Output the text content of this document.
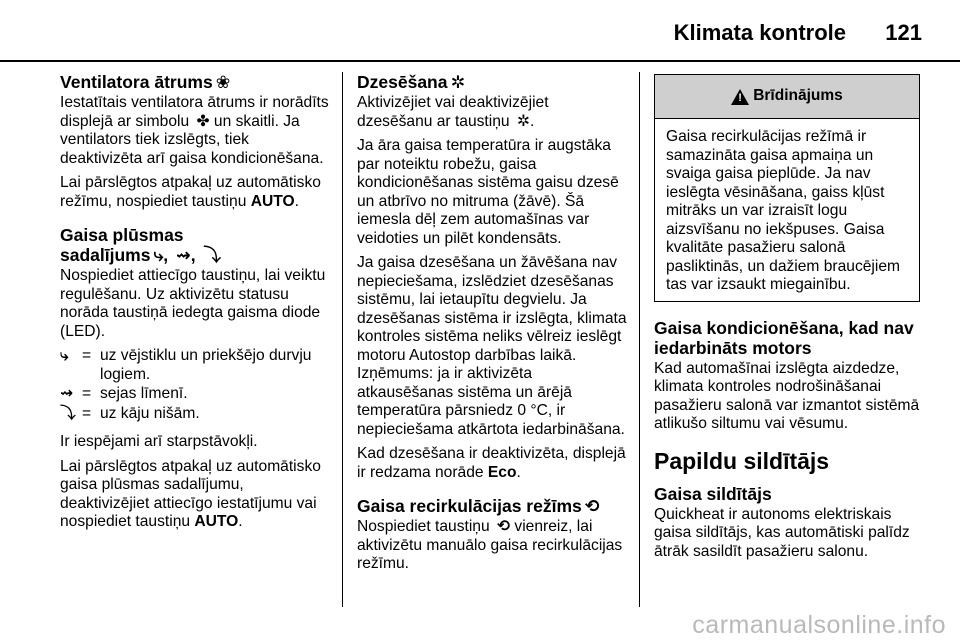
Klimata kontrole 121
Ventilatora ātrums ❀

Iestatītais ventilatora ātrums ir norādīts displejā ar simbolu ✤ un skaitli. Ja ventilators tiek izslēgts, tiek deaktivizēta arī gaisa kondicionēšana.

Lai pārslēgtos atpakaļ uz automātisko režīmu, nospiediet taustiņu AUTO.

Gaisa plūsmas
sadalījums ⤷, ⇝, ⤵

Nospiediet attiecīgo taustiņu, lai veiktu regulēšanu. Uz aktivizētu statusu norāda taustiņā iedegta gaisma diode (LED).

⤷ = uz vējstiklu un priekšējo durvju logiem.
⇝ = sejas līmenī.
⤵ = uz kāju nišām.

Ir iespējami arī starpstāvokļi.

Lai pārslēgtos atpakaļ uz automātisko gaisa plūsmas sadalījumu, deaktivizējiet attiecīgo iestatījumu vai nospiediet taustiņu AUTO.

Dzesēšana ✲

Aktivizējiet vai deaktivizējiet dzesēšanu ar taustiņu ✲.

Ja āra gaisa temperatūra ir augstāka par noteiktu robežu, gaisa kondicionēšanas sistēma gaisu dzesē un atbrīvo no mitruma (žāvē). Šā iemesla dēļ zem automašīnas var veidoties un pilēt kondensāts.

Ja gaisa dzesēšana un žāvēšana nav nepieciešama, izslēdziet dzesēšanas sistēmu, lai ietaupītu degvielu. Ja dzesēšanas sistēma ir izslēgta, klimata kontroles sistēma neliks vēlreiz ieslēgt motoru Autostop darbības laikā. Izņēmums: ja ir aktivizēta atkausēšanas sistēma un ārējā temperatūra pārsniedz 0 °C, ir nepieciešama atkārtota iedarbināšana.

Kad dzesēšana ir deaktivizēta, displejā ir redzama norāde Eco.

Gaisa recirkulācijas režīms ⟲

Nospiediet taustiņu ⟲ vienreiz, lai aktivizētu manuālo gaisa recirkulācijas režīmu.

! Brīdinājums
Gaisa recirkulācijas režīmā ir samazināta gaisa apmaiņa un svaiga gaisa pieplūde. Ja nav ieslēgta vēsināšana, gaiss kļūst mitrāks un var izraisīt logu aizsvīšanu no iekšpuses. Gaisa kvalitāte pasažieru salonā pasliktinās, un dažiem braucējiem tas var izsaukt miegainību.
Gaisa kondicionēšana, kad nav iedarbināts motors

Kad automašīnai izslēgta aizdedze, klimata kontroles nodrošināšanai pasažieru salonā var izmantot sistēmā atlikušo siltumu vai vēsumu.

Papildu sildītājs
Gaisa sildītājs

Quickheat ir autonoms elektriskais gaisa sildītājs, kas automātiski palīdz ātrāk sasildīt pasažieru salonu.

carmanualsonline.info
